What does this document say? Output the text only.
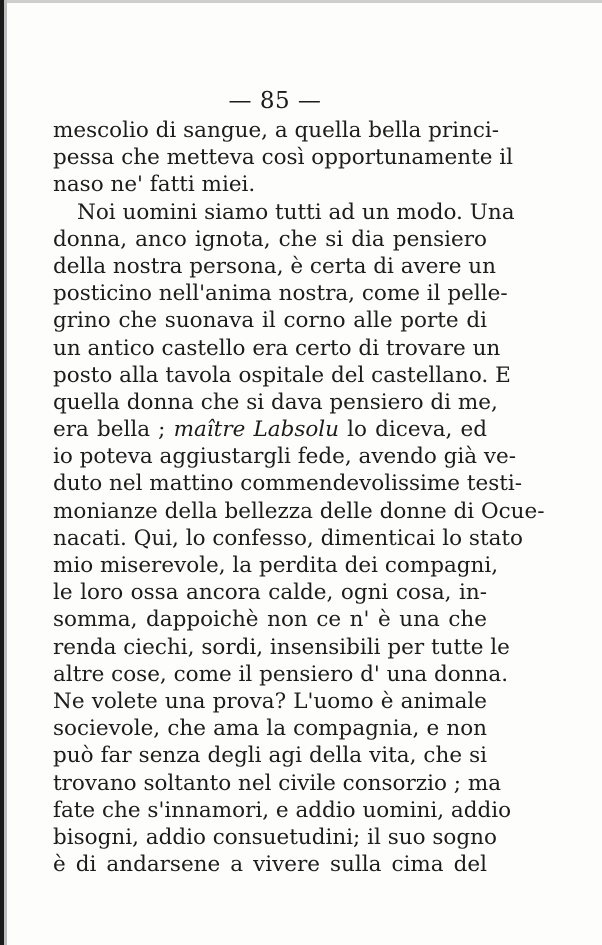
— 85 —
mescolio di sangue, a quella bella princi-
pessa che metteva così opportunamente il
naso ne' fatti miei.
Noi uomini siamo tutti ad un modo. Una
donna, anco ignota, che si dia pensiero
della nostra persona, è certa di avere un
posticino nell'anima nostra, come il pelle-
grino che suonava il corno alle porte di
un antico castello era certo di trovare un
posto alla tavola ospitale del castellano. E
quella donna che si dava pensiero di me,
era bella ; maître Labsolu lo diceva, ed
io poteva aggiustargli fede, avendo già ve-
duto nel mattino commendevolissime testi-
monianze della bellezza delle donne di Ocue-
nacati. Qui, lo confesso, dimenticai lo stato
mio miserevole, la perdita dei compagni,
le loro ossa ancora calde, ogni cosa, in-
somma, dappoichè non ce n' è una che
renda ciechi, sordi, insensibili per tutte le
altre cose, come il pensiero d' una donna.
Ne volete una prova? L'uomo è animale
socievole, che ama la compagnia, e non
può far senza degli agi della vita, che si
trovano soltanto nel civile consorzio ; ma
fate che s'innamori, e addio uomini, addio
bisogni, addio consuetudini; il suo sogno
è di andarsene a vivere sulla cima del
